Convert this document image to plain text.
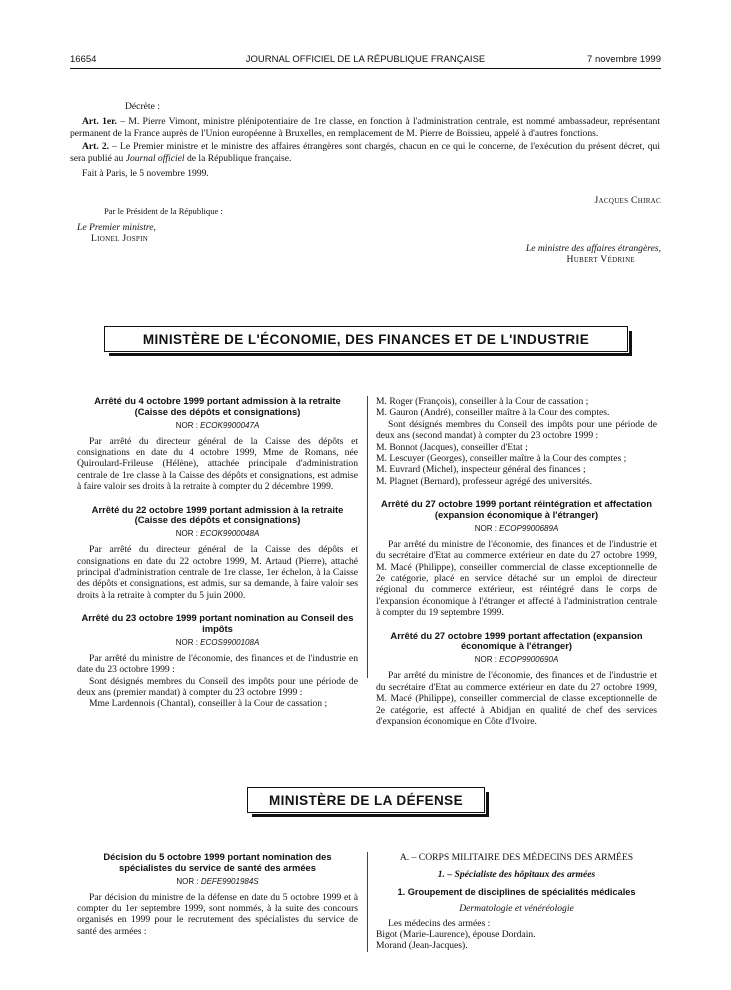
16654	JOURNAL OFFICIEL DE LA RÉPUBLIQUE FRANÇAISE	7 novembre 1999

Décrète :

Art. 1er. – M. Pierre Vimont, ministre plénipotentiaire de 1re classe, en fonction à l'administration centrale, est nommé ambassadeur, représentant permanent de la France auprès de l'Union européenne à Bruxelles, en remplacement de M. Pierre de Boissieu, appelé à d'autres fonctions.

Art. 2. – Le Premier ministre et le ministre des affaires étrangères sont chargés, chacun en ce qui le concerne, de l'exécution du présent décret, qui sera publié au Journal officiel de la République française.

Fait à Paris, le 5 novembre 1999.

Jacques Chirac
Par le Président de la République :
Le Premier ministre,
Lionel Jospin
Le ministre des affaires étrangères,
Hubert Védrine
MINISTÈRE DE L'ÉCONOMIE, DES FINANCES ET DE L'INDUSTRIE

Arrêté du 4 octobre 1999 portant admission à la retraite (Caisse des dépôts et consignations)

NOR : ECOK9900047A

Par arrêté du directeur général de la Caisse des dépôts et consignations en date du 4 octobre 1999, Mme de Romans, née Quiroulard-Frileuse (Hélène), attachée principale d'administration centrale de 1re classe à la Caisse des dépôts et consignations, est admise à faire valoir ses droits à la retraite à compter du 2 décembre 1999.

Arrêté du 22 octobre 1999 portant admission à la retraite (Caisse des dépôts et consignations)

NOR : ECOK9900048A

Par arrêté du directeur général de la Caisse des dépôts et consignations en date du 22 octobre 1999, M. Artaud (Pierre), attaché principal d'administration centrale de 1re classe, 1er échelon, à la Caisse des dépôts et consignations, est admis, sur sa demande, à faire valoir ses droits à la retraite à compter du 5 juin 2000.

Arrêté du 23 octobre 1999 portant nomination au Conseil des impôts

NOR : ECOS9900108A

Par arrêté du ministre de l'économie, des finances et de l'industrie en date du 23 octobre 1999 :

Sont désignés membres du Conseil des impôts pour une période de deux ans (premier mandat) à compter du 23 octobre 1999 :

Mme Lardennois (Chantal), conseiller à la Cour de cassation ;

M. Roger (François), conseiller à la Cour de cassation ;
M. Gauron (André), conseiller maître à la Cour des comptes.

Sont désignés membres du Conseil des impôts pour une période de deux ans (second mandat) à compter du 23 octobre 1999 :

M. Bonnot (Jacques), conseiller d'Etat ;
M. Lescuyer (Georges), conseiller maître à la Cour des comptes ;
M. Euvrard (Michel), inspecteur général des finances ;
M. Plagnet (Bernard), professeur agrégé des universités.

Arrêté du 27 octobre 1999 portant réintégration et affectation (expansion économique à l'étranger)

NOR : ECOP9900689A

Par arrêté du ministre de l'économie, des finances et de l'industrie et du secrétaire d'Etat au commerce extérieur en date du 27 octobre 1999, M. Macé (Philippe), conseiller commercial de classe exceptionnelle de 2e catégorie, placé en service détaché sur un emploi de directeur régional du commerce extérieur, est réintégré dans le corps de l'expansion économique à l'étranger et affecté à l'administration centrale à compter du 19 septembre 1999.

Arrêté du 27 octobre 1999 portant affectation (expansion économique à l'étranger)

NOR : ECOP9900690A

Par arrêté du ministre de l'économie, des finances et de l'industrie et du secrétaire d'Etat au commerce extérieur en date du 27 octobre 1999, M. Macé (Philippe), conseiller commercial de classe exceptionnelle de 2e catégorie, est affecté à Abidjan en qualité de chef des services d'expansion économique en Côte d'Ivoire.

MINISTÈRE DE LA DÉFENSE

Décision du 5 octobre 1999 portant nomination des spécialistes du service de santé des armées

NOR : DEFE9901984S

Par décision du ministre de la défense en date du 5 octobre 1999 et à compter du 1er septembre 1999, sont nommés, à la suite des concours organisés en 1999 pour le recrutement des spécialistes du service de santé des armées :

A. – CORPS MILITAIRE DES MÉDECINS DES ARMÉES

1. – Spécialiste des hôpitaux des armées

1. Groupement de disciplines de spécialités médicales

Dermatologie et vénéréologie

Les médecins des armées :

Bigot (Marie-Laurence), épouse Dordain.

Morand (Jean-Jacques).
